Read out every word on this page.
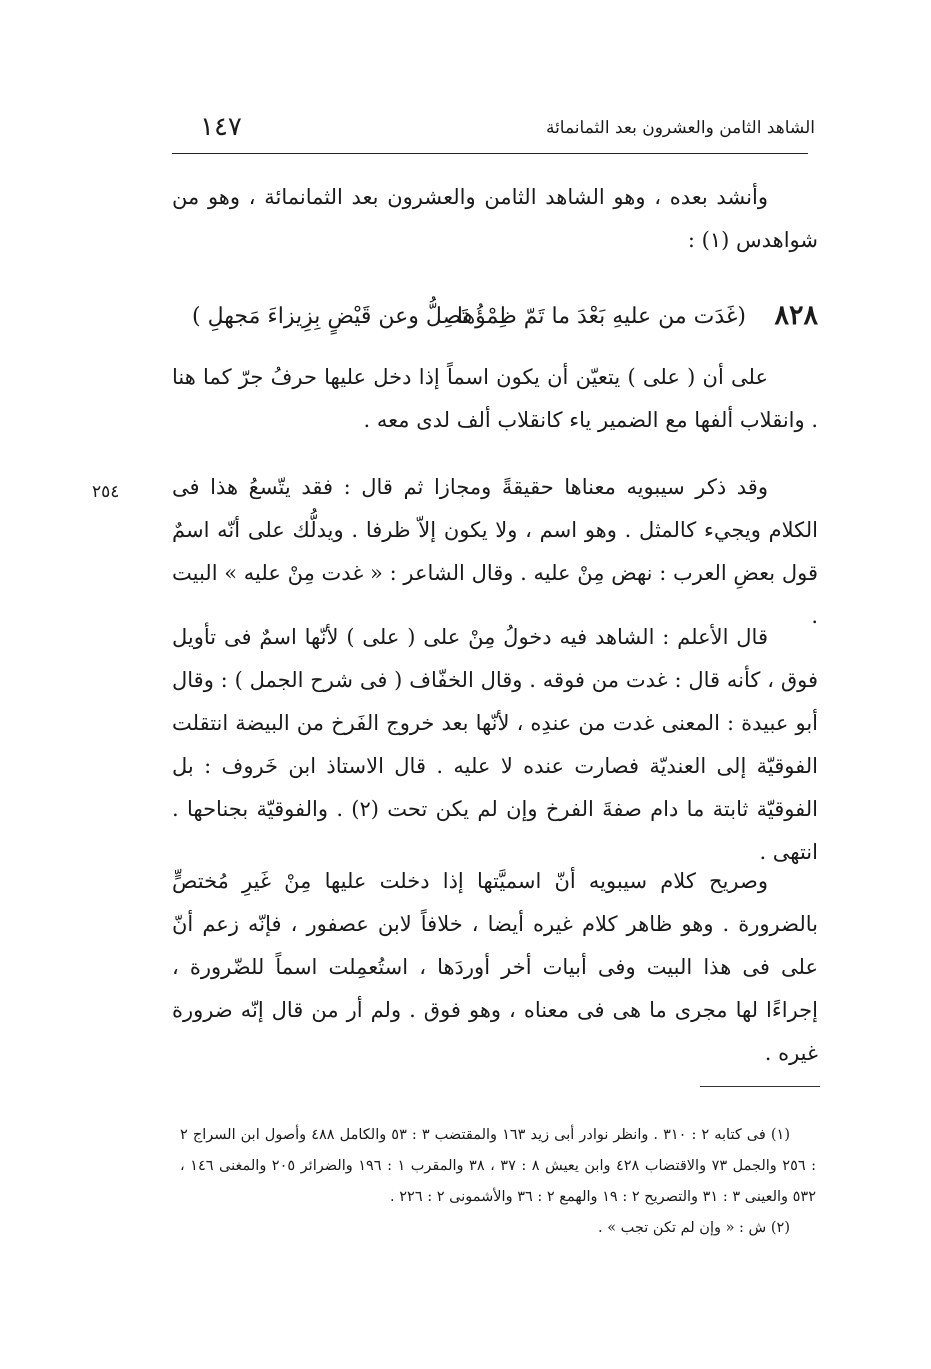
الشاهد الثامن والعشرون بعد الثمانمائة
١٤٧

وأنشد بعده ، وهو الشاهد الثامن والعشرون بعد الثمانمائة ، وهو من شواهدس (١) :

٨٢٨
(غَدَت من عليهِ بَعْدَ ما تَمّ ظِمْؤُها
تَصِلُّ وعن قَيْضٍ بِزِيزاءَ مَجهلِ )

على أن ( على ) يتعيّن أن يكون اسماً إذا دخل عليها حرفُ جرّ كما هنا . وانقلاب ألفها مع الضمير ياء كانقلاب ألف لدى معه .

٢٥٤	وقد ذكر سيبويه معناها حقيقةً ومجازا ثم قال : فقد يتّسعُ هذا فى الكلام ويجيء كالمثل . وهو اسم ، ولا يكون إلاّ ظرفا . ويدلُّك على أنّه اسمٌ قول بعضِ العرب : نهض مِنْ عليه . وقال الشاعر : « غدت مِنْ عليه » البيت .

قال الأعلم : الشاهد فيه دخولُ مِنْ على ( على ) لأنّها اسمٌ فى تأويل فوق ، كأنه قال : غدت من فوقه . وقال الخفّاف ( فى شرح الجمل ) : وقال أبو عبيدة : المعنى غدت من عندِه ، لأنّها بعد خروج الفَرخ من البيضة انتقلت الفوقيّة إلى العنديّة فصارت عنده لا عليه . قال الاستاذ ابن خَروف : بل الفوقيّة ثابتة ما دام صفةَ الفرخ وإن لم يكن تحت (٢) . والفوقيّة بجناحها . انتهى .

وصريح كلام سيبويه أنّ اسميَّتها إذا دخلت عليها مِنْ غَيرِ مُختصٍّ بالضرورة . وهو ظاهر كلام غيره أيضا ، خلافاً لابن عصفور ، فإنّه زعم أنّ على فى هذا البيت وفى أبيات أخر أوردَها ، استُعمِلت اسماً للضّرورة ، إجراءًا لها مجرى ما هى فى معناه ، وهو فوق . ولم أر من قال إنّه ضرورة غيره .

(١) فى كتابه ٢ : ٣١٠ . وانظر نوادر أبى زيد ١٦٣ والمقتضب ٣ : ٥٣ والكامل ٤٨٨ وأصول ابن السراج ٢ : ٢٥٦ والجمل ٧٣ والاقتضاب ٤٢٨ وابن يعيش ٨ : ٣٧ ، ٣٨ والمقرب ١ : ١٩٦ والضرائر ٢٠٥ والمغنى ١٤٦ ، ٥٣٢ والعينى ٣ : ٣١ والتصريح ٢ : ١٩ والهمع ٢ : ٣٦ والأشمونى ٢ : ٢٢٦ .

(٢) ش : « وإن لم تكن تجب » .
